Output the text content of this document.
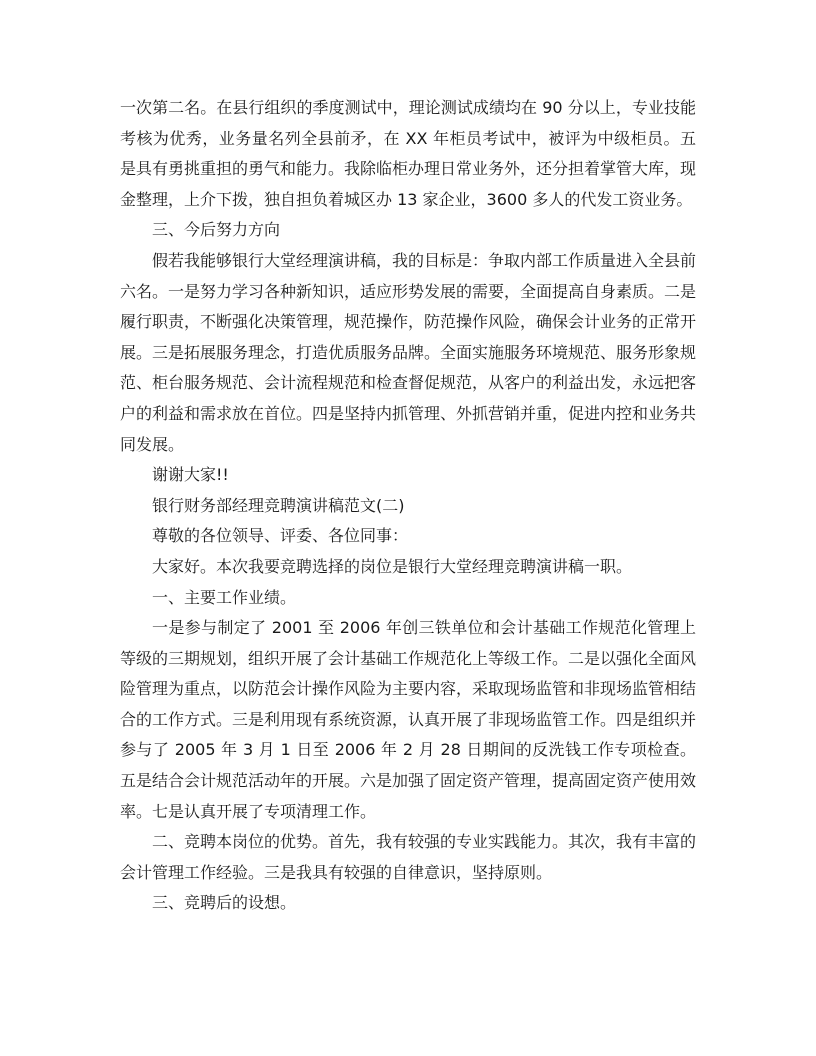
一次第二名。在县行组织的季度测试中，理论测试成绩均在 90 分以上，专业技能考核为优秀，业务量名列全县前矛，在 XX 年柜员考试中，被评为中级柜员。五是具有勇挑重担的勇气和能力。我除临柜办理日常业务外，还分担着掌管大库，现金整理，上介下拨，独自担负着城区办 13 家企业，3600 多人的代发工资业务。

三、今后努力方向

假若我能够银行大堂经理演讲稿，我的目标是：争取内部工作质量进入全县前六名。一是努力学习各种新知识，适应形势发展的需要，全面提高自身素质。二是履行职责，不断强化决策管理，规范操作，防范操作风险，确保会计业务的正常开展。三是拓展服务理念，打造优质服务品牌。全面实施服务环境规范、服务形象规范、柜台服务规范、会计流程规范和检查督促规范，从客户的利益出发，永远把客户的利益和需求放在首位。四是坚持内抓管理、外抓营销并重，促进内控和业务共同发展。

谢谢大家!!

银行财务部经理竞聘演讲稿范文(二)

尊敬的各位领导、评委、各位同事：

大家好。本次我要竞聘选择的岗位是银行大堂经理竞聘演讲稿一职。

一、主要工作业绩。

一是参与制定了 2001 至 2006 年创三铁单位和会计基础工作规范化管理上等级的三期规划，组织开展了会计基础工作规范化上等级工作。二是以强化全面风险管理为重点，以防范会计操作风险为主要内容，采取现场监管和非现场监管相结合的工作方式。三是利用现有系统资源，认真开展了非现场监管工作。四是组织并参与了 2005 年 3 月 1 日至 2006 年 2 月 28 日期间的反洗钱工作专项检查。五是结合会计规范活动年的开展。六是加强了固定资产管理，提高固定资产使用效率。七是认真开展了专项清理工作。

二、竞聘本岗位的优势。首先，我有较强的专业实践能力。其次，我有丰富的会计管理工作经验。三是我具有较强的自律意识，坚持原则。

三、竞聘后的设想。
